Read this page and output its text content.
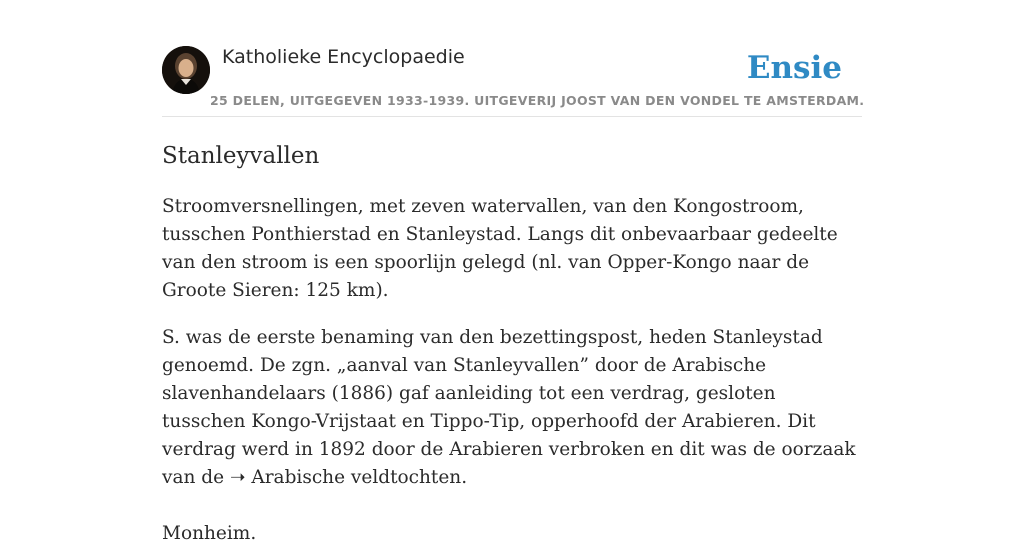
Katholieke Encyclopaedie
25 DELEN, UITGEGEVEN 1933-1939. UITGEVERIJ JOOST VAN DEN VONDEL TE AMSTERDAM.
Ensie
Stanleyvallen

Stroomversnellingen, met zeven watervallen, van den Kongostroom, tusschen Ponthierstad en Stanleystad. Langs dit onbevaarbaar gedeelte van den stroom is een spoorlijn gelegd (nl. van Opper-Kongo naar de Groote Sieren: 125 km).

S. was de eerste benaming van den bezettingspost, heden Stanleystad genoemd. De zgn. „aanval van Stanleyvallen” door de Arabische slavenhandelaars (1886) gaf aanleiding tot een verdrag, gesloten tusschen Kongo-Vrijstaat en Tippo-Tip, opperhoofd der Arabieren. Dit verdrag werd in 1892 door de Arabieren verbroken en dit was de oorzaak van de ➝ Arabische veldtochten.

Monheim.
